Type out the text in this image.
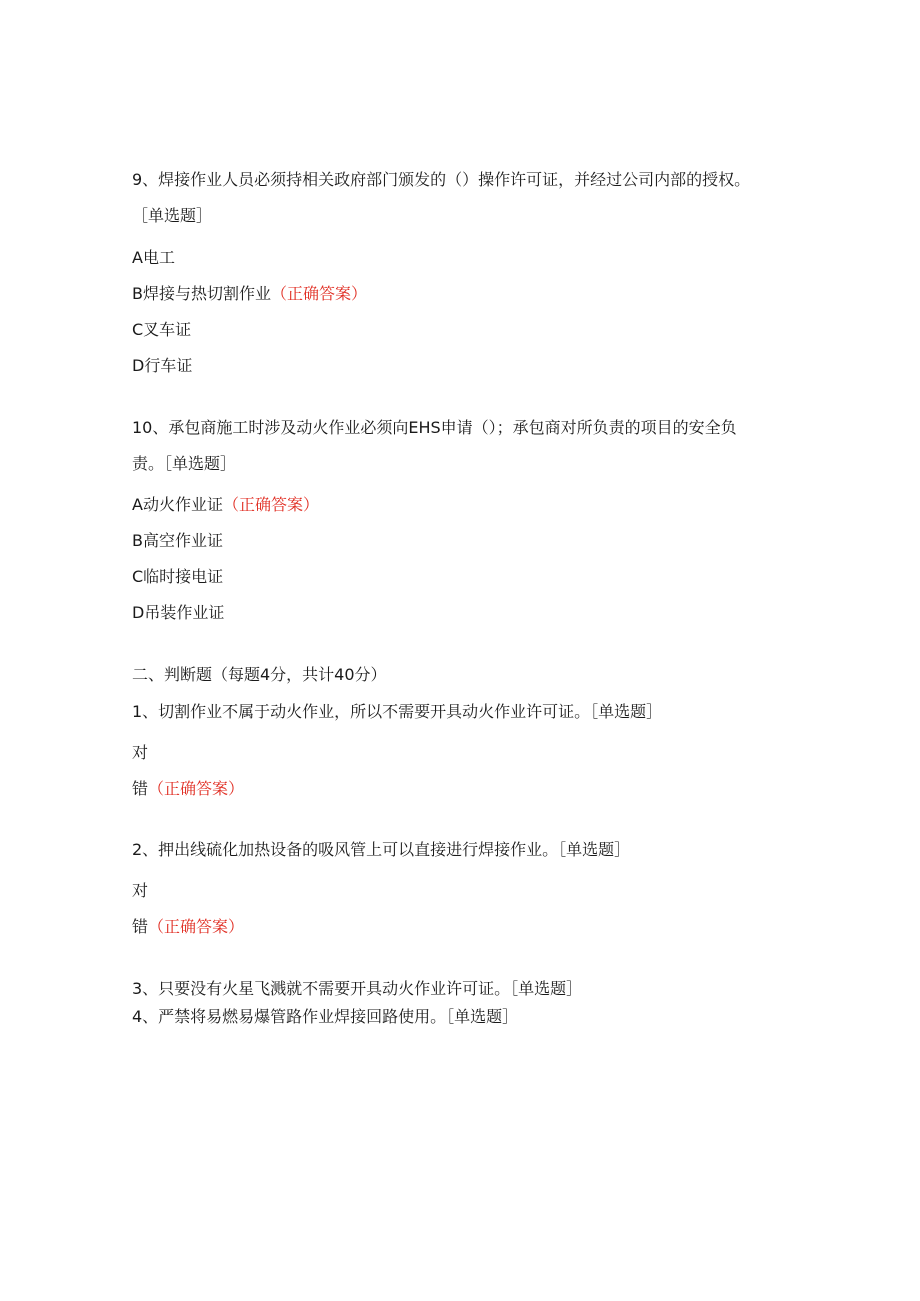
9、焊接作业人员必须持相关政府部门颁发的（）操作许可证，并经过公司内部的授权。
［单选题］
A电工
B焊接与热切割作业（正确答案）
C叉车证
D行车证
10、承包商施工时涉及动火作业必须向EHS申请（）；承包商对所负责的项目的安全负
责。［单选题］
A动火作业证（正确答案）
B高空作业证
C临时接电证
D吊装作业证
二、判断题（每题4分，共计40分）
1、切割作业不属于动火作业，所以不需要开具动火作业许可证。［单选题］
对
错（正确答案）
2、押出线硫化加热设备的吸风管上可以直接进行焊接作业。［单选题］
对
错（正确答案）
3、只要没有火星飞溅就不需要开具动火作业许可证。［单选题］
4、严禁将易燃易爆管路作业焊接回路使用。［单选题］
